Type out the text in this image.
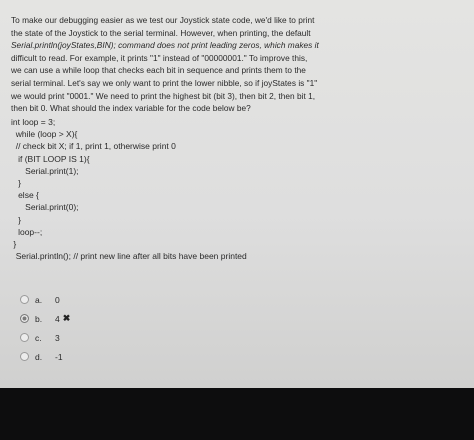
To make our debugging easier as we test our Joystick state code, we'd like to print

the state of the Joystick to the serial terminal. However, when printing, the default

Serial.println(joyStates,BIN); command does not print leading zeros, which makes it

difficult to read. For example, it prints "1" instead of "00000001." To improve this,

we can use a while loop that checks each bit in sequence and prints them to the

serial terminal. Let's say we only want to print the lower nibble, so if joyStates is "1"

we would print "0001." We need to print the highest bit (bit 3), then bit 2, then bit 1,

then bit 0. What should the index variable for the code below be?

int loop = 3;
while (loop > X){
// check bit X; if 1, print 1, otherwise print 0
if (BIT LOOP IS 1){
Serial.print(1);
}
else {
Serial.print(0);
}
loop--;
}
Serial.println(); // print new line after all bits have been printed
a.	0
b.	4 ✖
c.	3
d.	-1
